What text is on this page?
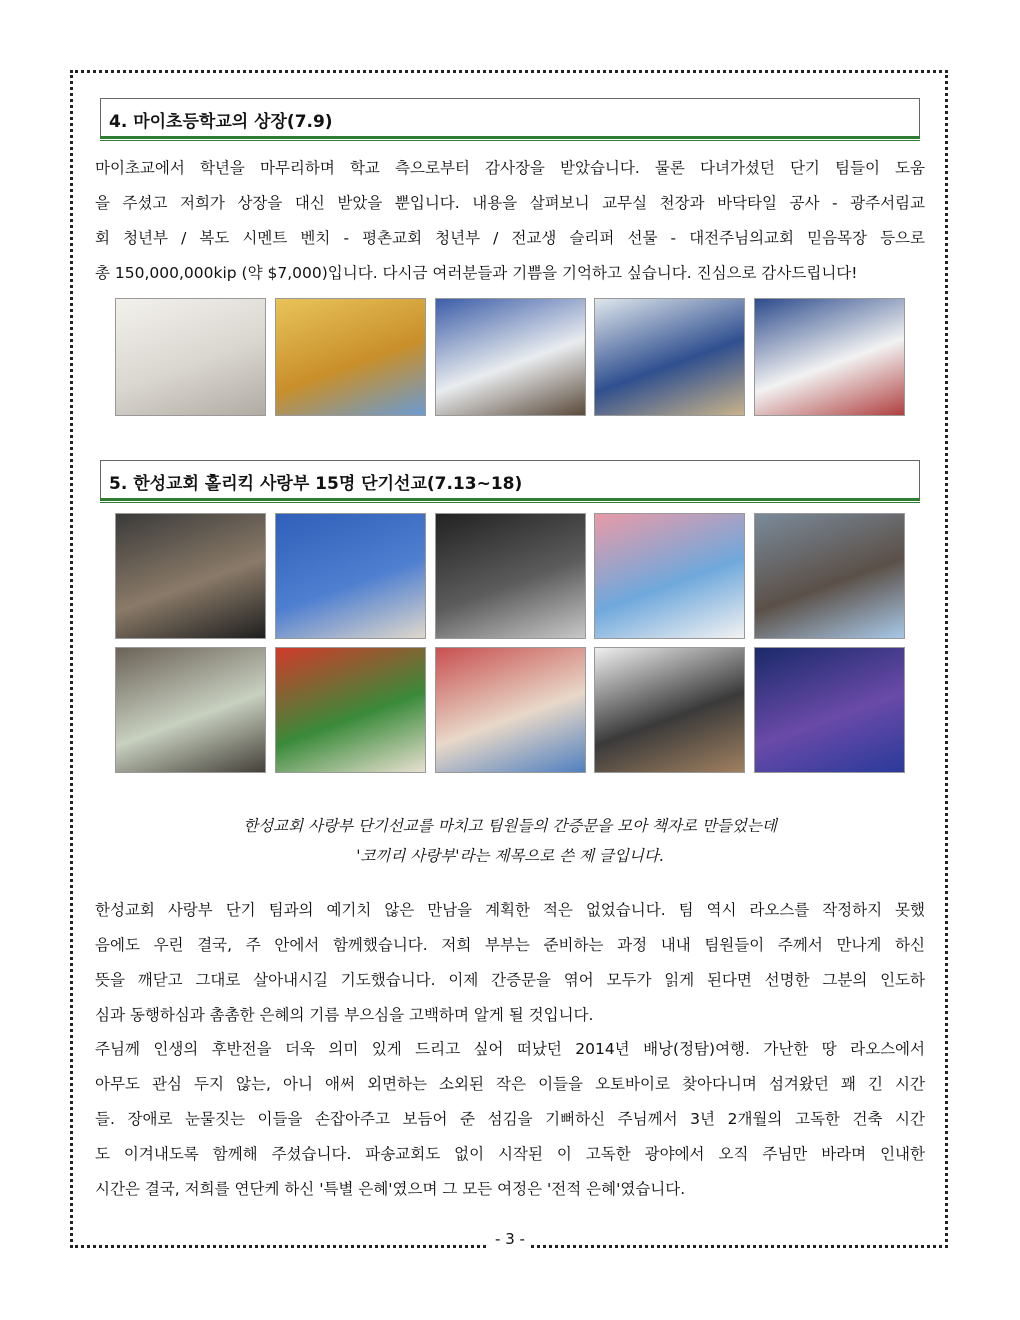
4. 마이초등학교의 상장(7.9)
마이초교에서 학년을 마무리하며 학교 측으로부터 감사장을 받았습니다. 물론 다녀가셨던 단기 팀들이 도움
을 주셨고 저희가 상장을 대신 받았을 뿐입니다. 내용을 살펴보니 교무실 천장과 바닥타일 공사 - 광주서림교
회 청년부 / 복도 시멘트 벤치 - 평촌교회 청년부 / 전교생 슬리퍼 선물 - 대전주님의교회 믿음목장 등으로
총 150,000,000kip (약 $7,000)입니다. 다시금 여러분들과 기쁨을 기억하고 싶습니다. 진심으로 감사드립니다!
5. 한성교회 홀리킥 사랑부 15명 단기선교(7.13~18)
한성교회 사랑부 단기선교를 마치고 팀원들의 간증문을 모아 책자로 만들었는데
'코끼리 사랑부'라는 제목으로 쓴 제 글입니다.
한성교회 사랑부 단기 팀과의 예기치 않은 만남을 계획한 적은 없었습니다. 팀 역시 라오스를 작정하지 못했
음에도 우린 결국, 주 안에서 함께했습니다. 저희 부부는 준비하는 과정 내내 팀원들이 주께서 만나게 하신
뜻을 깨닫고 그대로 살아내시길 기도했습니다. 이제 간증문을 엮어 모두가 읽게 된다면 선명한 그분의 인도하
심과 동행하심과 촘촘한 은혜의 기름 부으심을 고백하며 알게 될 것입니다.
주님께 인생의 후반전을 더욱 의미 있게 드리고 싶어 떠났던 2014년 배낭(정탐)여행. 가난한 땅 라오스에서
아무도 관심 두지 않는, 아니 애써 외면하는 소외된 작은 이들을 오토바이로 찾아다니며 섬겨왔던 꽤 긴 시간
들. 장애로 눈물짓는 이들을 손잡아주고 보듬어 준 섬김을 기뻐하신 주님께서 3년 2개월의 고독한 건축 시간
도 이겨내도록 함께해 주셨습니다. 파송교회도 없이 시작된 이 고독한 광야에서 오직 주님만 바라며 인내한
시간은 결국, 저희를 연단케 하신 '특별 은혜'였으며 그 모든 여정은 '전적 은혜'였습니다.
- 3 -
